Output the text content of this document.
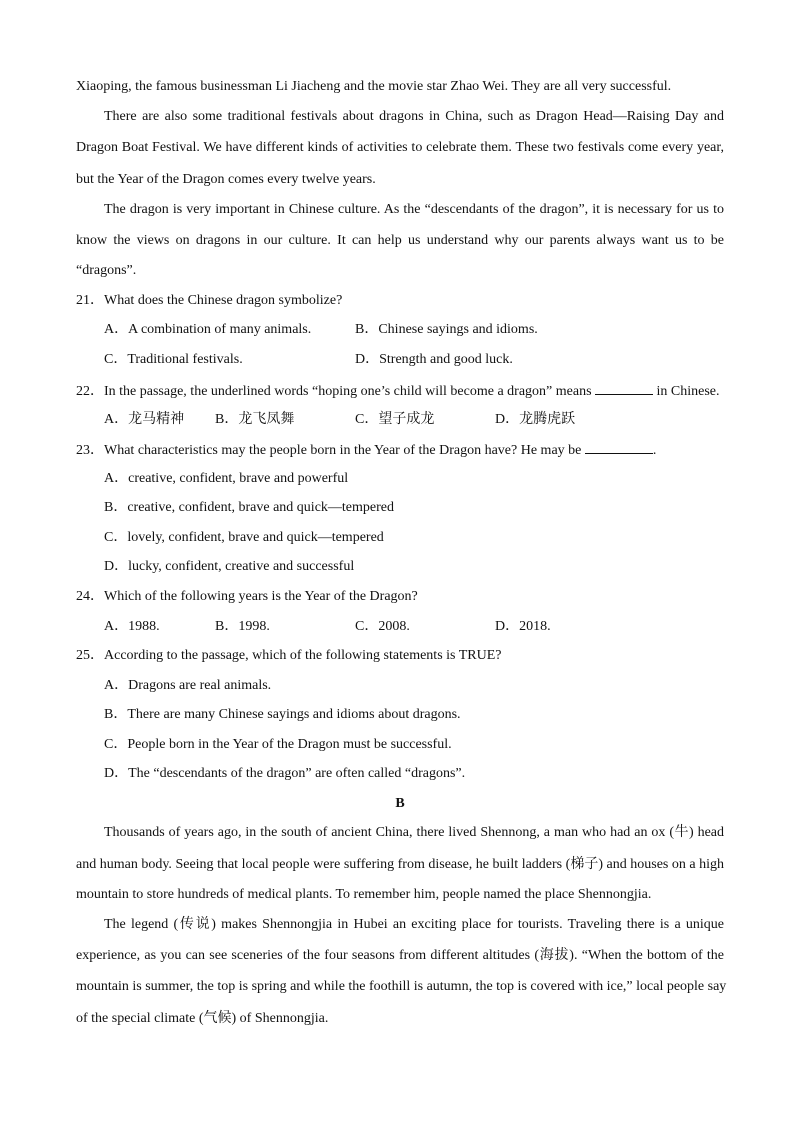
Xiaoping, the famous businessman Li Jiacheng and the movie star Zhao Wei. They are all very successful.
There are also some traditional festivals about dragons in China, such as Dragon Head—Raising Day and
Dragon Boat Festival. We have different kinds of activities to celebrate them. These two festivals come every year,
but the Year of the Dragon comes every twelve years.
The dragon is very important in Chinese culture. As the “descendants of the dragon”, it is necessary for us to
know the views on dragons in our culture. It can help us understand why our parents always want us to be
“dragons”.
21．What does the Chinese dragon symbolize?
A．A combination of many animals.	B．Chinese sayings and idioms.
C．Traditional festivals.	D．Strength and good luck.
22．In the passage, the underlined words “hoping one’s child will become a dragon” means	in Chinese.
A．龙马精神 B．龙飞凤舞	C．望子成龙	D．龙腾虎跃
23．What characteristics may the people born in the Year of the Dragon have? He may be	.
A．creative, confident, brave and powerful
B．creative, confident, brave and quick—tempered
C．lovely, confident, brave and quick—tempered
D．lucky, confident, creative and successful
24．Which of the following years is the Year of the Dragon?
A．1988.	B．1998.	C．2008.	D．2018.
25．According to the passage, which of the following statements is TRUE?
A．Dragons are real animals.
B．There are many Chinese sayings and idioms about dragons.
C．People born in the Year of the Dragon must be successful.
D．The “descendants of the dragon” are often called “dragons”.
B
Thousands of years ago, in the south of ancient China, there lived Shennong, a man who had an ox (牛) head
and human body. Seeing that local people were suffering from disease, he built ladders (梯子) and houses on a high
mountain to store hundreds of medical plants. To remember him, people named the place Shennongjia.
The legend (传说) makes Shennongjia in Hubei an exciting place for tourists. Traveling there is a unique
experience, as you can see sceneries of the four seasons from different altitudes (海拔). “When the bottom of the
mountain is summer, the top is spring and while the foothill is autumn, the top is covered with ice,” local people say
of the special climate (气候) of Shennongjia.
